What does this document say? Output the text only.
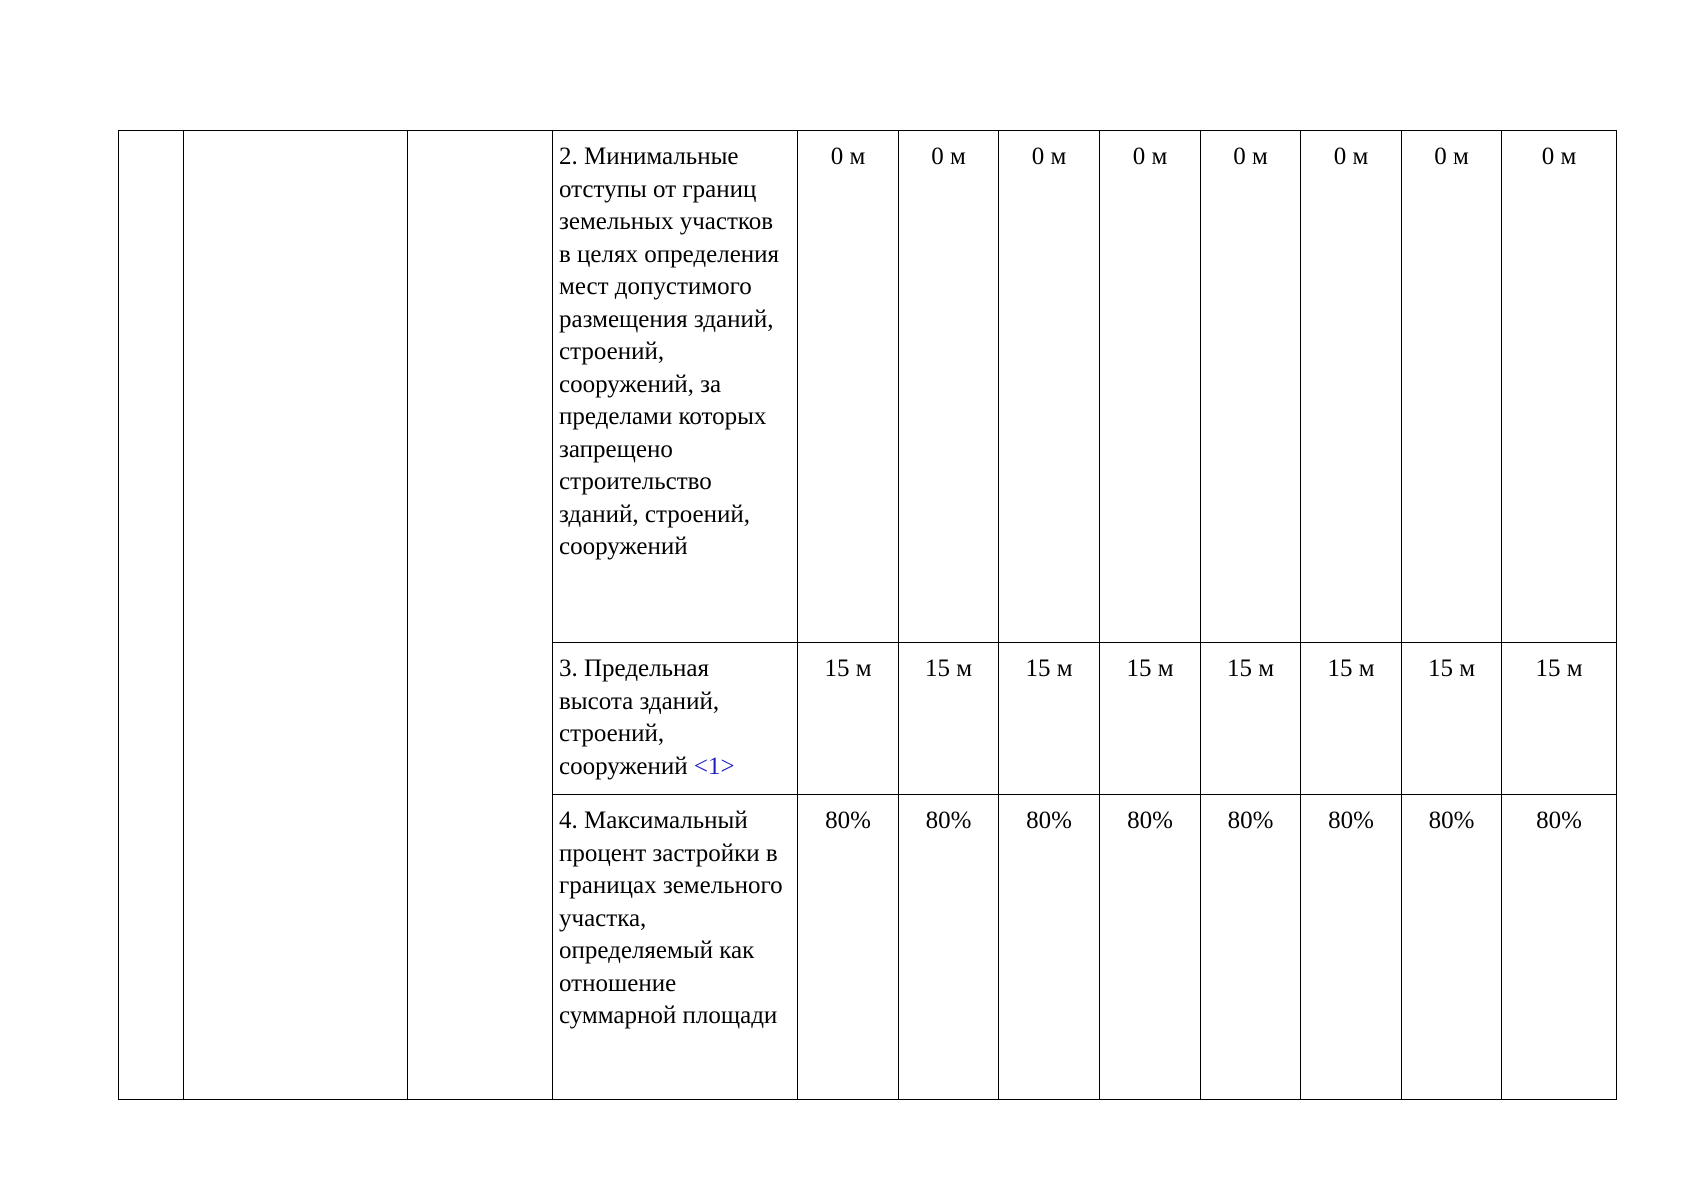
			2. Минимальные отступы от границ земельных участков в целях определения мест допустимого размещения зданий, строений, сооружений, за пределами которых запрещено строительство зданий, строений, сооружений	0 м	0 м	0 м	0 м	0 м	0 м	0 м	0 м
			3. Предельная высота зданий, строений, сооружений <1>	15 м	15 м	15 м	15 м	15 м	15 м	15 м	15 м
			4. Максимальный процент застройки в границах земельного участка, определяемый как отношение суммарной площади	80%	80%	80%	80%	80%	80%	80%	80%
